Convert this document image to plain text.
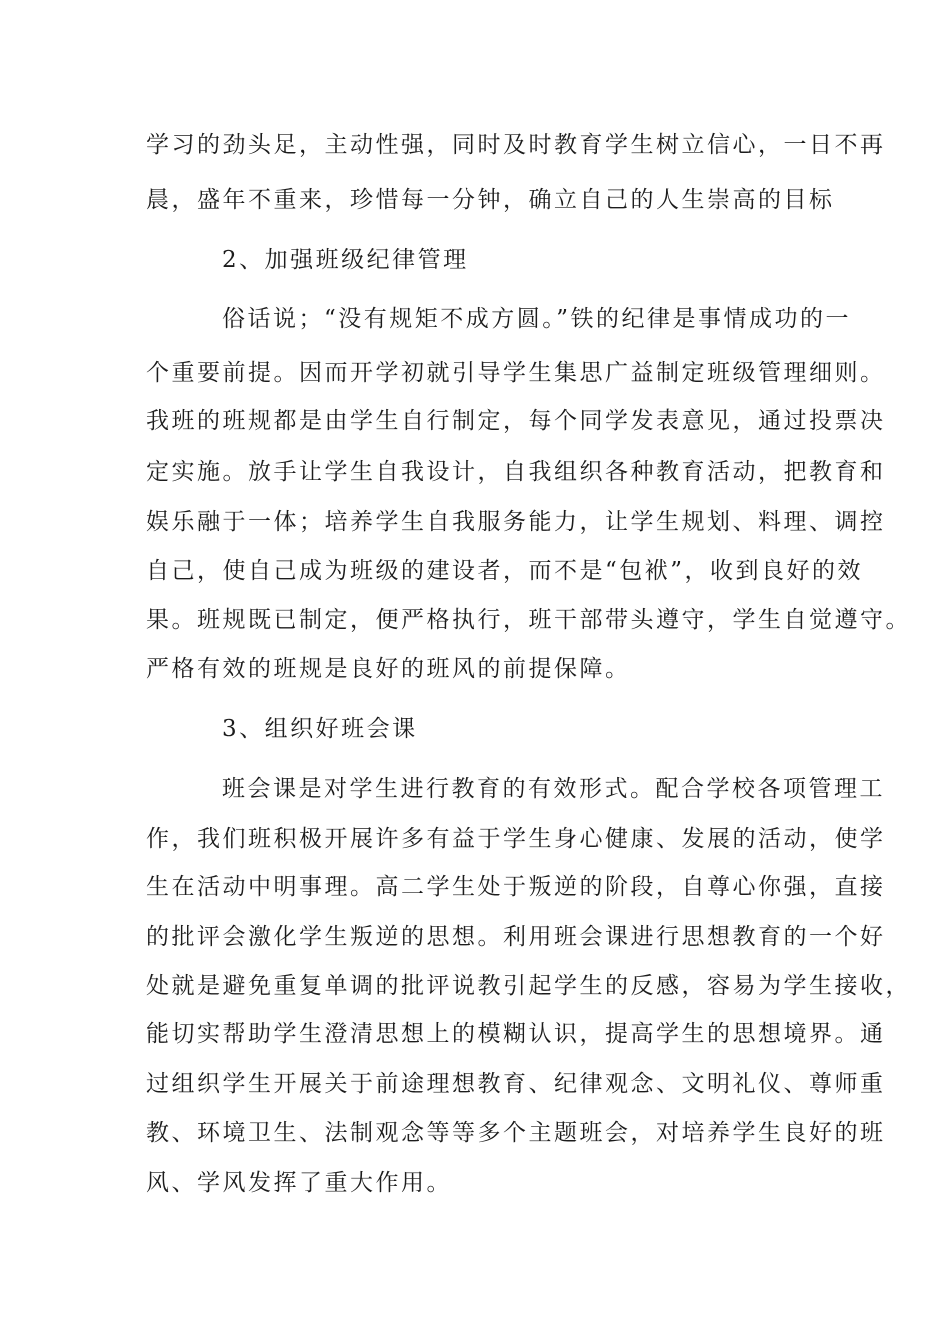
学习的劲头足，主动性强，同时及时教育学生树立信心，一日不再
晨，盛年不重来，珍惜每一分钟，确立自己的人生崇高的目标
2、加强班级纪律管理
俗话说；“没有规矩不成方圆。”铁的纪律是事情成功的一
个重要前提。因而开学初就引导学生集思广益制定班级管理细则。
我班的班规都是由学生自行制定，每个同学发表意见，通过投票决
定实施。放手让学生自我设计，自我组织各种教育活动，把教育和
娱乐融于一体；培养学生自我服务能力，让学生规划、料理、调控
自己，使自己成为班级的建设者，而不是“包袱”，收到良好的效
果。班规既已制定，便严格执行，班干部带头遵守，学生自觉遵守。
严格有效的班规是良好的班风的前提保障。
3、组织好班会课
班会课是对学生进行教育的有效形式。配合学校各项管理工
作，我们班积极开展许多有益于学生身心健康、发展的活动，使学
生在活动中明事理。高二学生处于叛逆的阶段，自尊心你强，直接
的批评会激化学生叛逆的思想。利用班会课进行思想教育的一个好
处就是避免重复单调的批评说教引起学生的反感，容易为学生接收，
能切实帮助学生澄清思想上的模糊认识，提高学生的思想境界。通
过组织学生开展关于前途理想教育、纪律观念、文明礼仪、尊师重
教、环境卫生、法制观念等等多个主题班会，对培养学生良好的班
风、学风发挥了重大作用。
